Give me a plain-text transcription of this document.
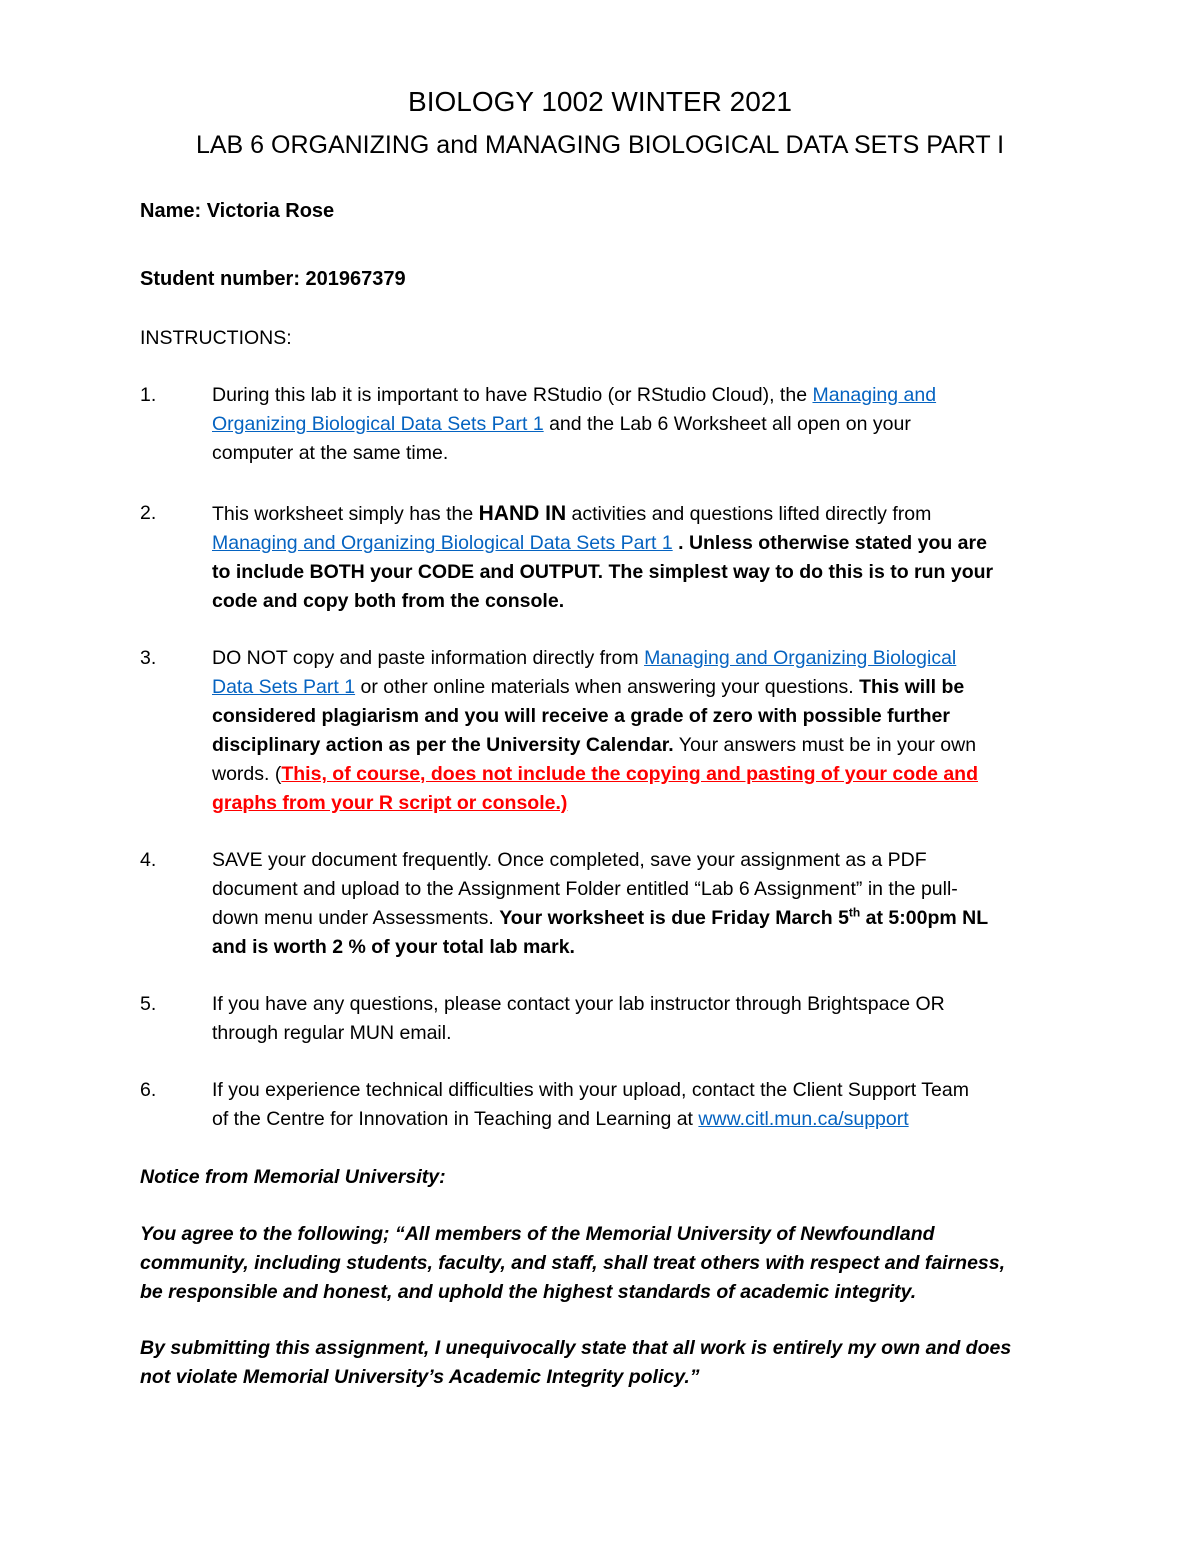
BIOLOGY 1002 WINTER 2021
LAB 6 ORGANIZING and MANAGING BIOLOGICAL DATA SETS PART I
Name: Victoria Rose
Student number: 201967379
INSTRUCTIONS:
1.	During this lab it is important to have RStudio (or RStudio Cloud), the Managing and

Organizing Biological Data Sets Part 1 and the Lab 6 Worksheet all open on your

computer at the same time.

2.	This worksheet simply has the HAND IN activities and questions lifted directly from

Managing and Organizing Biological Data Sets Part 1 . Unless otherwise stated you are

to include BOTH your CODE and OUTPUT. The simplest way to do this is to run your

code and copy both from the console.

3.	DO NOT copy and paste information directly from Managing and Organizing Biological

Data Sets Part 1 or other online materials when answering your questions. This will be

considered plagiarism and you will receive a grade of zero with possible further

disciplinary action as per the University Calendar. Your answers must be in your own

words. (This, of course, does not include the copying and pasting of your code and

graphs from your R script or console.)

4.	SAVE your document frequently. Once completed, save your assignment as a PDF

document and upload to the Assignment Folder entitled “Lab 6 Assignment” in the pull-

down menu under Assessments. Your worksheet is due Friday March 5th at 5:00pm NL

and is worth 2 % of your total lab mark.

5.	If you have any questions, please contact your lab instructor through Brightspace OR

through regular MUN email.

6.	If you experience technical difficulties with your upload, contact the Client Support Team

of the Centre for Innovation in Teaching and Learning at www.citl.mun.ca/support

Notice from Memorial University:

You agree to the following; “All members of the Memorial University of Newfoundland

community, including students, faculty, and staff, shall treat others with respect and fairness,

be responsible and honest, and uphold the highest standards of academic integrity.

By submitting this assignment, I unequivocally state that all work is entirely my own and does

not violate Memorial University’s Academic Integrity policy.”
